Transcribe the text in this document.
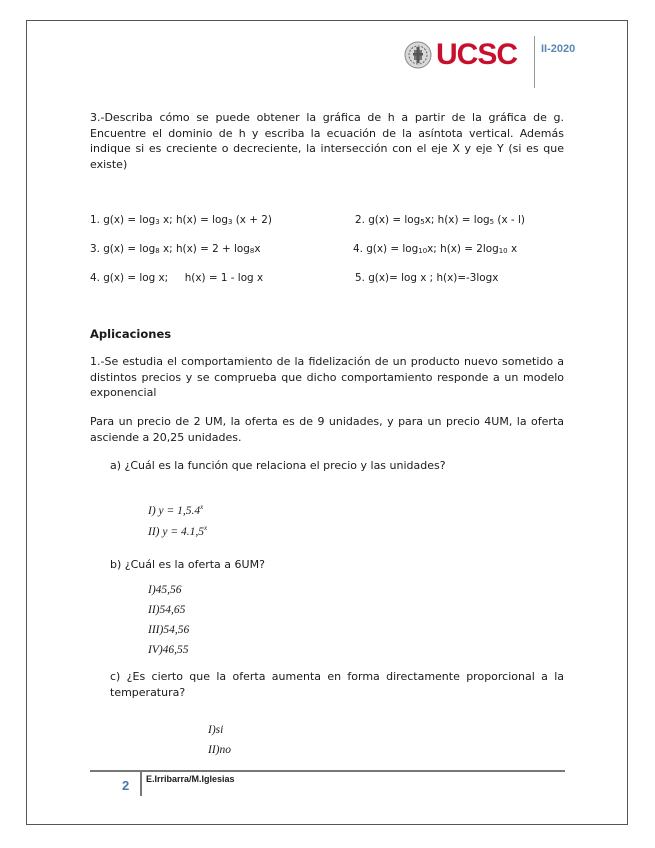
UCSC II-2020

3.-Describa cómo se puede obtener la gráfica de h a partir de la gráfica de g. Encuentre el dominio de h y escriba la ecuación de la asíntota vertical. Además indique si es creciente o decreciente, la intersección con el eje X y eje Y (si es que existe)

1. $g(x) = \log_3 x$; $h(x) = \log_3 (x + 2)$	2. $g(x) = \log_5x$; $h(x) = \log_5 (x - l)$
3. $g(x) = \log_8 x$; $h(x) = 2 + \log_8x$	4. $g(x) = \log_{10}x$; $h(x) = 2\log_{10}$ x
4. g(x) = log x;     h(x) = 1 - log x	5. g(x)= log x ; h(x)=-3logx
Aplicaciones

1.-Se estudia el comportamiento de la fidelización de un producto nuevo sometido a distintos precios y se comprueba que dicho comportamiento responde a un modelo exponencial

Para un precio de 2 UM, la oferta es de 9 unidades, y para un precio 4UM, la oferta asciende a 20,25 unidades.

a) ¿Cuál es la función que relaciona el precio y las unidades?
I) $y = 1,5.4^x$
II) $y = 4.1,5^x$
b) ¿Cuál es la oferta a 6UM?
I)45,56
II)54,65
III)54,56
IV)46,55

c) ¿Es cierto que la oferta aumenta en forma directamente proporcional a la temperatura?

I)si
II)no
2 E.Irribarra/M.Iglesias
